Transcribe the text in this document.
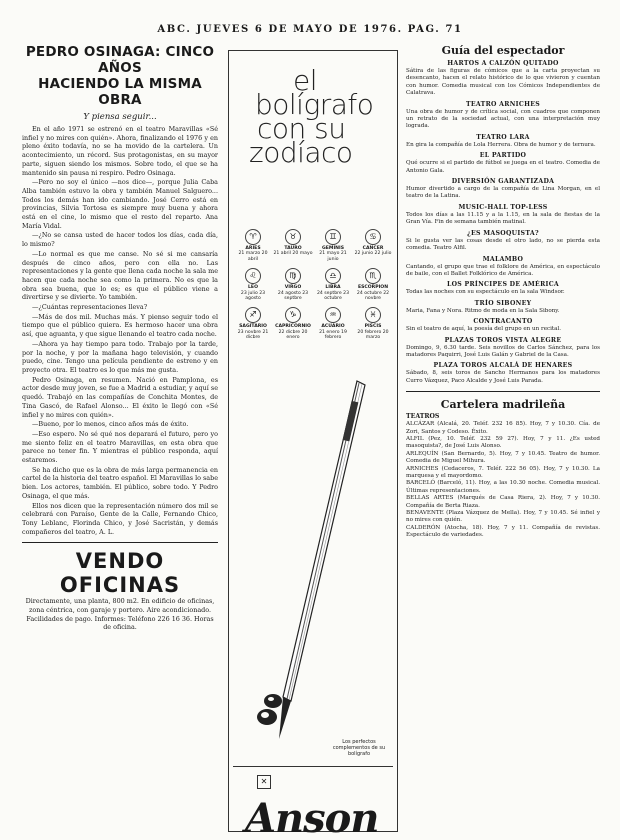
ABC. JUEVES 6 DE MAYO DE 1976. PAG. 71
PEDRO OSINAGA: CINCO AÑOS
HACIENDO LA MISMA OBRA
Y piensa seguir...

En el año 1971 se estrenó en el teatro Maravillas «Sé infiel y no mires con quién». Ahora, finalizando el 1976 y en pleno éxito todavía, no se ha movido de la cartelera. Un acontecimiento, un récord. Sus protagonistas, en su mayor parte, siguen siendo los mismos. Sobre todo, el que se ha mantenido sin pausa ni respiro. Pedro Osinaga.

—Pero no soy el único —nos dice—, porque Julia Caba Alba también estuvo la obra y también Manuel Salguero... Todos los demás han ido cambiando. José Cerro está en provincias, Silvia Tortosa es siempre muy buena y ahora está en el cine, lo mismo que el resto del reparto. Ana María Vidal.

—¿No se cansa usted de hacer todos los días, cada día, lo mismo?

—Lo normal es que me canse. No sé si me cansaría después de cinco años, pero con ella no. Las representaciones y la gente que llena cada noche la sala me hacen que cada noche sea como la primera. No es que la obra sea buena, que lo es; es que el público viene a divertirse y se divierte. Yo también.

—¿Cuántas representaciones lleva?

—Más de dos mil. Muchas más. Y pienso seguir todo el tiempo que el público quiera. Es hermoso hacer una obra así, que aguanta, y que sigue llenando el teatro cada noche.

—Ahora ya hay tiempo para todo. Trabajo por la tarde, por la noche, y por la mañana hago televisión, y cuando puedo, cine. Tengo una película pendiente de estreno y en proyecto otra. El teatro es lo que más me gusta.

Pedro Osinaga, en resumen. Nació en Pamplona, es actor desde muy joven, se fue a Madrid a estudiar, y aquí se quedó. Trabajó en las compañías de Conchita Montes, de Tina Gascó, de Rafael Alonso... El éxito le llegó con «Sé infiel y no mires con quién».

—Bueno, por lo menos, cinco años más de éxito.

—Eso espero. No sé qué nos deparará el futuro, pero yo me siento feliz en el teatro Maravillas, en esta obra que parece no tener fin. Y mientras el público responda, aquí estaremos.

Se ha dicho que es la obra de más larga permanencia en cartel de la historia del teatro español. El Maravillas lo sabe bien. Los actores, también. El público, sobre todo. Y Pedro Osinaga, el que más.

Ellos nos dicen que la representación número dos mil se celebrará con Paraíso, Gente de la Calle, Fernando Chico, Tony Leblanc, Florinda Chico, y José Sacristán, y demás compañeros del teatro, A. L.

VENDO OFICINAS

Directamente, una planta, 800 m2. En edificio de oficinas, zona céntrica, con garaje y portero. Aire acondicionado. Facilidades de pago. Informes: Teléfono 226 16 36. Horas de oficina.

el
bolígrafo
con su
zodíaco
♈
ARIES
21 marzo 20 abril
♉
TAURO
21 abril 20 mayo
♊
GEMINIS
21 mayo 21 junio
♋
CANCER
22 junio 22 julio
♌
LEO
23 julio 23 agosto
♍
VIRGO
24 agosto 23 septbre
♎
LIBRA
24 septbre 23 octubre
♏
ESCORPION
24 octubre 22 novbre
♐
SAGITARIO
23 novbre 21 dicbre
♑
CAPRICORNIO
22 dicbre 20 enero
♒
ACUARIO
21 enero 19 febrero
♓
PISCIS
20 febrero 20 marzo
Los perfectos complementos de su bolígrafo
✕
Anson
Guía del espectador
HARTOS A CALZÓN QUITADO

Sátira de las figuras de cómicos que a la carta proyectan su desencanto, hacen el relato histórico de lo que vivieron y cuentan con humor. Comedia musical con los Cómicos Independientes de Calatrava.

TEATRO ARNICHES

Una obra de humor y de crítica social, con cuadros que componen un retrato de la sociedad actual, con una interpretación muy lograda.

TEATRO LARA

En gira la compañía de Lola Herrera. Obra de humor y de ternura.

EL PARTIDO

Qué ocurre si el partido de fútbol se juega en el teatro. Comedia de Antonio Gala.

DIVERSIÓN GARANTIZADA

Humor divertido a cargo de la compañía de Lina Morgan, en el teatro de la Latina.

MUSIC-HALL TOP-LESS

Todos los días a las 11.15 y a la 1.15, en la sala de fiestas de la Gran Vía. Fin de semana también matinal.

¿ES MASOQUISTA?

Si le gusta ver las cosas desde el otro lado, no se pierda esta comedia. Teatro Alfil.

MALAMBO

Cantando, el grupo que trae el folklore de América, en espectáculo de baile, con el Ballet Folklórico de América.

LOS PRÍNCIPES DE AMÉRICA

Todas las noches con su espectáculo en la sala Windsor.

TRÍO SIBONEY

Maria, Fana y Nora. Ritmo de moda en la Sala Sibony.

CONTRACANTO

Sin el teatro de aquí, la poesía del grupo en un recital.

PLAZAS TOROS VISTA ALEGRE

Domingo, 9, 6.30 tarde. Seis novillos de Carlos Sánchez, para los matadores Paquirri, José Luis Galán y Gabriel de la Casa.

PLAZA TOROS ALCALÁ DE HENARES

Sábado, 8, seis toros de Sancho Hermanos para los matadores Curro Vázquez, Paco Alcalde y José Luis Parada.

Cartelera madrileña
TEATROS

ALCÁZAR (Alcalá, 20. Teléf. 232 16 85). Hoy, 7 y 10.30. Cía. de Zori, Santos y Codeso. Éxito.

ALFIL (Pez, 10. Teléf. 232 59 27). Hoy, 7 y 11. ¿Es usted masoquista?, de José Luis Alonso.

ARLEQUÍN (San Bernardo, 5). Hoy, 7 y 10.45. Teatro de humor. Comedia de Miguel Mihura.

ARNICHES (Cedaceros, 7. Teléf. 222 56 05). Hoy, 7 y 10.30. La marquesa y el mayordomo.

BARCELÓ (Barceló, 11). Hoy, a las 10.30 noche. Comedia musical. Últimas representaciones.

BELLAS ARTES (Marqués de Casa Riera, 2). Hoy, 7 y 10.30. Compañía de Berta Riaza.

BENAVENTE (Plaza Vázquez de Mella). Hoy, 7 y 10.45. Sé infiel y no mires con quién.

CALDERÓN (Atocha, 18). Hoy, 7 y 11. Compañía de revistas. Espectáculo de variedades.
